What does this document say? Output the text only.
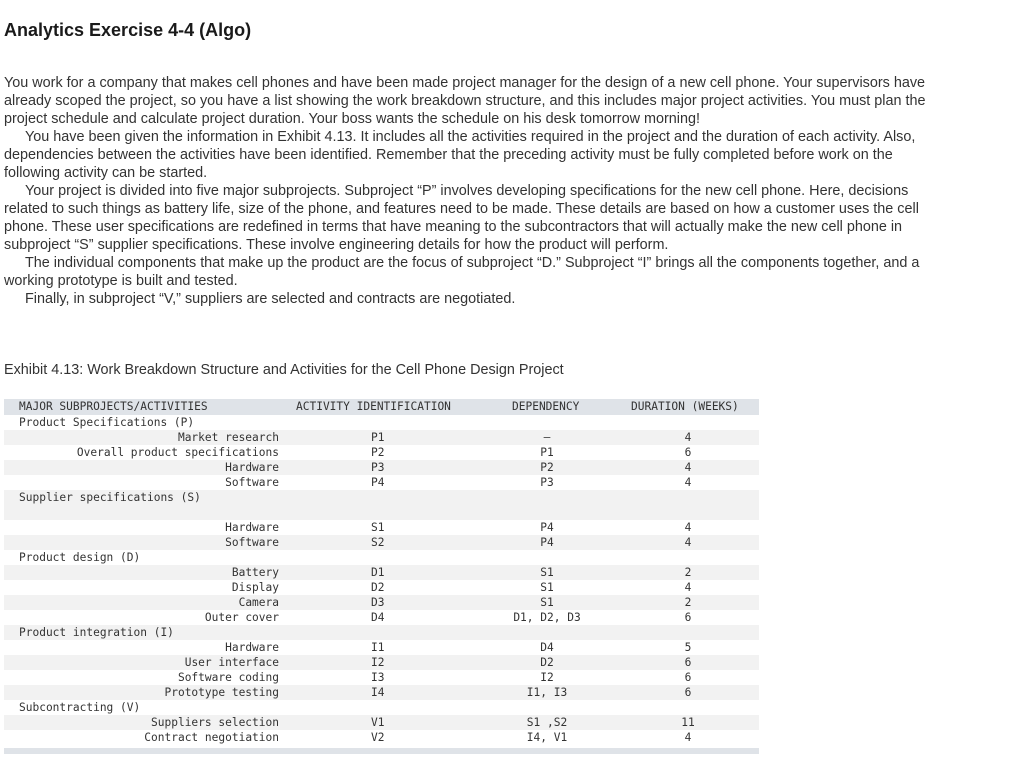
Analytics Exercise 4-4 (Algo)

You work for a company that makes cell phones and have been made project manager for the design of a new cell phone. Your supervisors have already scoped the project, so you have a list showing the work breakdown structure, and this includes major project activities. You must plan the project schedule and calculate project duration. Your boss wants the schedule on his desk tomorrow morning!

You have been given the information in Exhibit 4.13. It includes all the activities required in the project and the duration of each activity. Also, dependencies between the activities have been identified. Remember that the preceding activity must be fully completed before work on the following activity can be started.

Your project is divided into five major subprojects. Subproject “P” involves developing specifications for the new cell phone. Here, decisions related to such things as battery life, size of the phone, and features need to be made. These details are based on how a customer uses the cell phone. These user specifications are redefined in terms that have meaning to the subcontractors that will actually make the new cell phone in subproject “S” supplier specifications. These involve engineering details for how the product will perform.

The individual components that make up the product are the focus of subproject “D.” Subproject “I” brings all the components together, and a working prototype is built and tested.

Finally, in subproject “V,” suppliers are selected and contracts are negotiated.

Exhibit 4.13: Work Breakdown Structure and Activities for the Cell Phone Design Project
MAJOR SUBPROJECTS/ACTIVITIES	ACTIVITY IDENTIFICATION	DEPENDENCY	DURATION (WEEKS)
Product Specifications (P)
Market research	P1	—	4
Overall product specifications	P2	P1	6
Hardware	P3	P2	4
Software	P4	P3	4
Supplier specifications (S)
Hardware	S1	P4	4
Software	S2	P4	4
Product design (D)
Battery	D1	S1	2
Display	D2	S1	4
Camera	D3	S1	2
Outer cover	D4	D1, D2, D3	6
Product integration (I)
Hardware	I1	D4	5
User interface	I2	D2	6
Software coding	I3	I2	6
Prototype testing	I4	I1, I3	6
Subcontracting (V)
Suppliers selection	V1	S1 ,S2	11
Contract negotiation	V2	I4, V1	4
